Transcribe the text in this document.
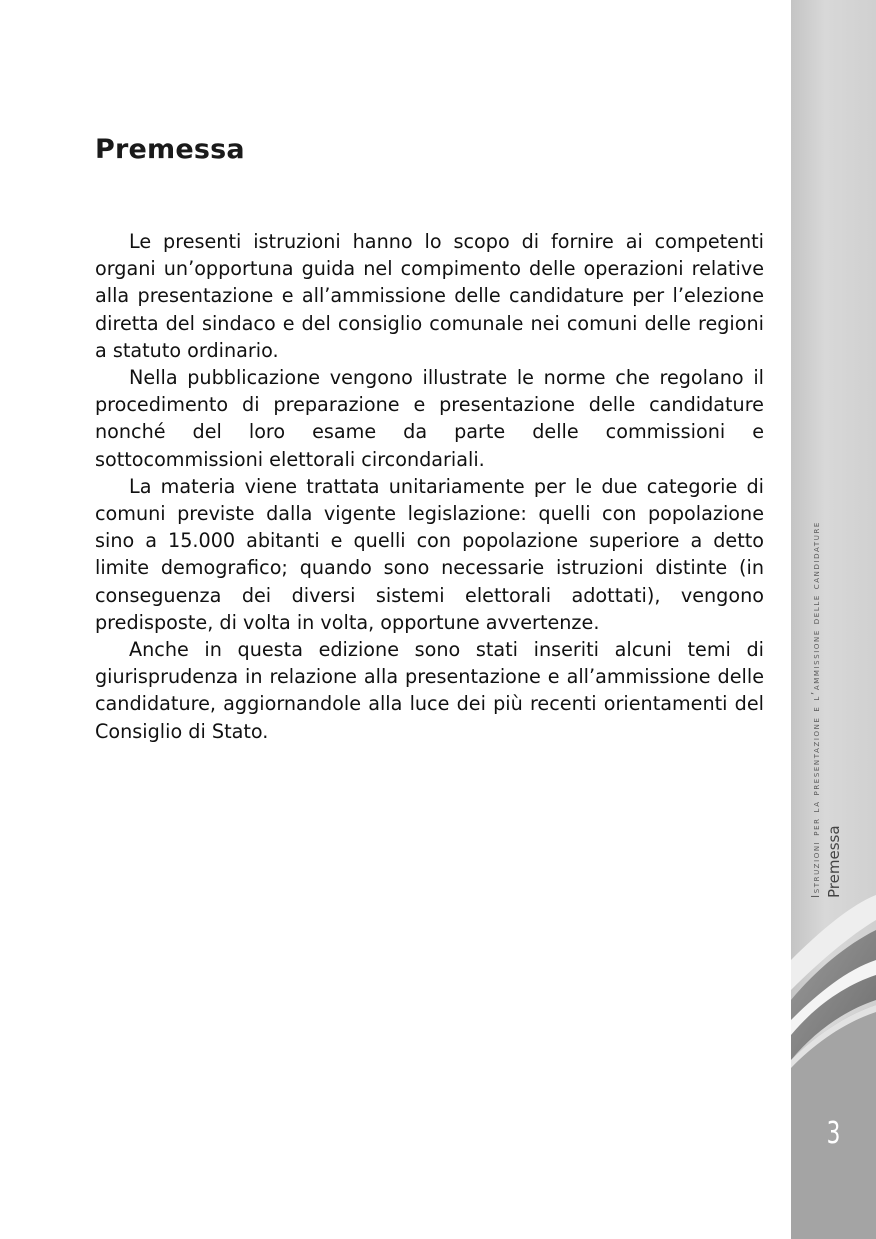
Premessa

Le presenti istruzioni hanno lo scopo di fornire ai competenti organi un’opportuna guida nel compimento delle operazioni relative alla presentazione e all’ammissione delle candidature per l’elezione diretta del sindaco e del consiglio comunale nei comuni delle regioni a statuto ordinario.

Nella pubblicazione vengono illustrate le norme che regolano il procedimento di preparazione e presentazione delle candidature nonché del loro esame da parte delle commissioni e sottocommissioni elettorali circondariali.

La materia viene trattata unitariamente per le due categorie di comuni previste dalla vigente legislazione: quelli con popolazione sino a 15.000 abitanti e quelli con popolazione superiore a detto limite demografico; quando sono necessarie istruzioni distinte (in conseguenza dei diversi sistemi elettorali adottati), vengono predisposte, di volta in volta, opportune avvertenze.

Anche in questa edizione sono stati inseriti alcuni temi di giurisprudenza in relazione alla presentazione e all’ammissione delle candidature, aggiornandole alla luce dei più recenti orientamenti del Consiglio di Stato.	Istruzioni per la presentazione e l’ammissione delle candidature Premessa
3
